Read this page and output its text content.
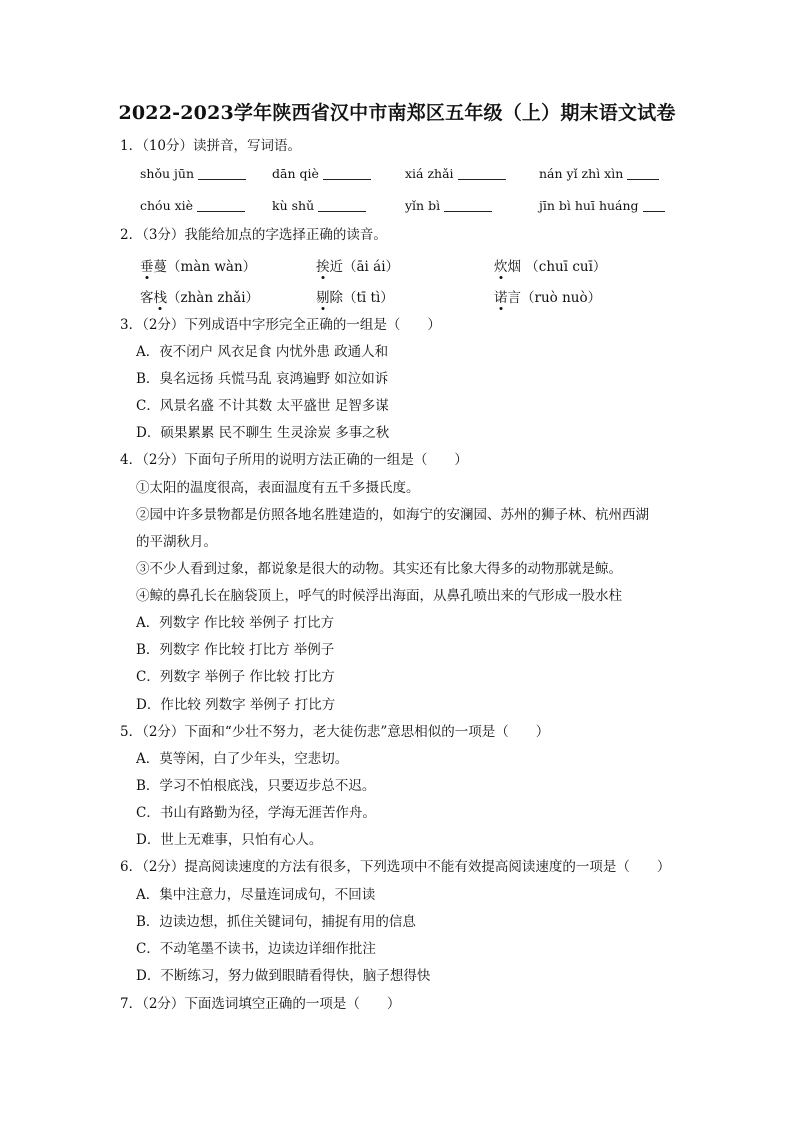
2022-2023学年陕西省汉中市南郑区五年级（上）期末语文试卷
1．（10分）读拼音，写词语。
shǒu jūn	dān qiè	xiá zhǎi	nán yǐ zhì xìn
chóu xiè	kù shǔ	yǐn bì	jīn bì huī huáng
2．（3分）我能给加点的字选择正确的读音。
垂蔓（màn wàn）	挨近（āi ái）	炊烟 （chuī cuī）
客栈（zhàn zhǎi）	剔除（tī tì）	诺言（ruò nuò）
3．（2分）下列成语中字形完全正确的一组是（　　）
A．夜不闭户 风衣足食 内忧外患 政通人和
B．臭名远扬 兵慌马乱 哀鸿遍野 如泣如诉
C．风景名盛 不计其数 太平盛世 足智多谋
D．硕果累累 民不聊生 生灵涂炭 多事之秋
4．（2分）下面句子所用的说明方法正确的一组是（　　）
①太阳的温度很高，表面温度有五千多摄氏度。
②园中许多景物都是仿照各地名胜建造的，如海宁的安澜园、苏州的狮子林、杭州西湖
的平湖秋月。
③不少人看到过象，都说象是很大的动物。其实还有比象大得多的动物那就是鲸。
④鲸的鼻孔长在脑袋顶上，呼气的时候浮出海面，从鼻孔喷出来的气形成一股水柱
A．列数字 作比较 举例子 打比方
B．列数字 作比较 打比方 举例子
C．列数字 举例子 作比较 打比方
D．作比较 列数字 举例子 打比方
5．（2分）下面和“少壮不努力，老大徒伤悲”意思相似的一项是（　　）
A．莫等闲，白了少年头，空悲切。
B．学习不怕根底浅，只要迈步总不迟。
C．书山有路勤为径，学海无涯苦作舟。
D．世上无难事，只怕有心人。
6．（2分）提高阅读速度的方法有很多，下列选项中不能有效提高阅读速度的一项是（　　）
A．集中注意力，尽量连词成句，不回读
B．边读边想，抓住关键词句，捕捉有用的信息
C．不动笔墨不读书，边读边详细作批注
D．不断练习，努力做到眼睛看得快，脑子想得快
7．（2分）下面选词填空正确的一项是（　　）
